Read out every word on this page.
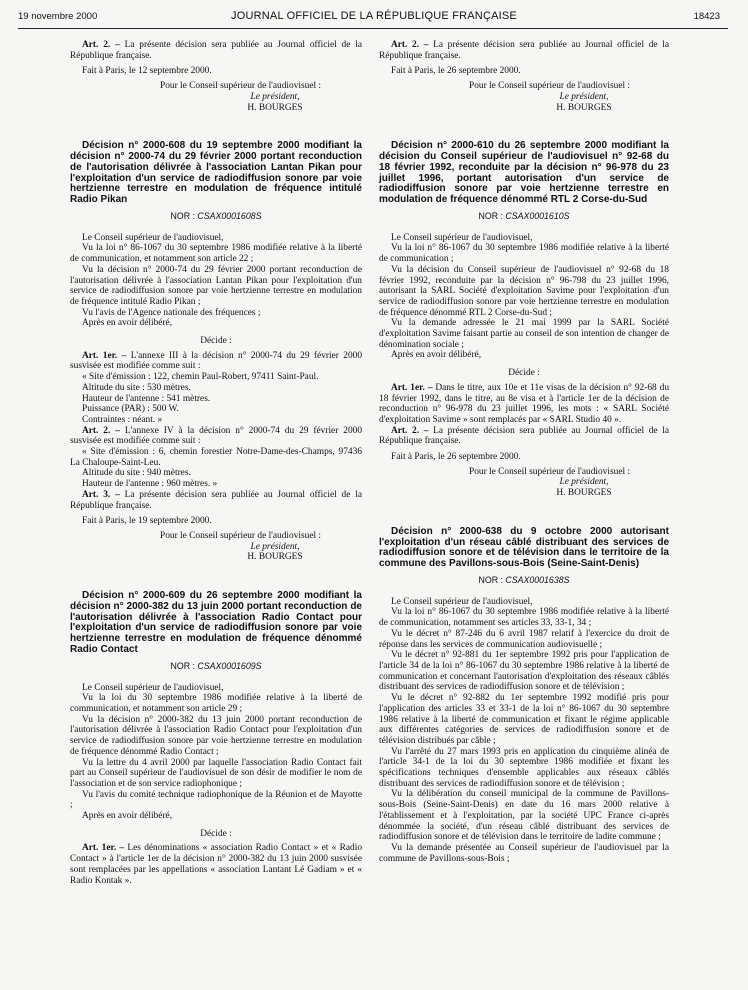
19 novembre 2000	JOURNAL OFFICIEL DE LA RÉPUBLIQUE FRANÇAISE	18423

Art. 2. – La présente décision sera publiée au Journal officiel de la République française.

Fait à Paris, le 12 septembre 2000.

Pour le Conseil supérieur de l'audiovisuel :
Le président,
H. BOURGES

Décision n° 2000-608 du 19 septembre 2000 modifiant la décision n° 2000-74 du 29 février 2000 portant reconduction de l'autorisation délivrée à l'association Lantan Pikan pour l'exploitation d'un service de radiodiffusion sonore par voie hertzienne terrestre en modulation de fréquence intitulé Radio Pikan

NOR : CSAX0001608S

Le Conseil supérieur de l'audiovisuel,

Vu la loi n° 86-1067 du 30 septembre 1986 modifiée relative à la liberté de communication, et notamment son article 22 ;

Vu la décision n° 2000-74 du 29 février 2000 portant reconduction de l'autorisation délivrée à l'association Lantan Pikan pour l'exploitation d'un service de radiodiffusion sonore par voie hertzienne terrestre en modulation de fréquence intitulé Radio Pikan ;

Vu l'avis de l'Agence nationale des fréquences ;

Après en avoir délibéré,

Décide :

Art. 1er. – L'annexe III à la décision n° 2000-74 du 29 février 2000 susvisée est modifiée comme suit :

« Site d'émission : 122, chemin Paul-Robert, 97411 Saint-Paul.

Altitude du site : 530 mètres.

Hauteur de l'antenne : 541 mètres.

Puissance (PAR) : 500 W.

Contraintes : néant. »

Art. 2. – L'annexe IV à la décision n° 2000-74 du 29 février 2000 susvisée est modifiée comme suit :

« Site d'émission : 6, chemin forestier Notre-Dame-des-Champs, 97436 La Chaloupe-Saint-Leu.

Altitude du site : 940 mètres.

Hauteur de l'antenne : 960 mètres. »

Art. 3. – La présente décision sera publiée au Journal officiel de la République française.

Fait à Paris, le 19 septembre 2000.

Pour le Conseil supérieur de l'audiovisuel :
Le président,
H. BOURGES

Décision n° 2000-609 du 26 septembre 2000 modifiant la décision n° 2000-382 du 13 juin 2000 portant reconduction de l'autorisation délivrée à l'association Radio Contact pour l'exploitation d'un service de radiodiffusion sonore par voie hertzienne terrestre en modulation de fréquence dénommé Radio Contact

NOR : CSAX0001609S

Le Conseil supérieur de l'audiovisuel,

Vu la loi du 30 septembre 1986 modifiée relative à la liberté de communication, et notamment son article 29 ;

Vu la décision n° 2000-382 du 13 juin 2000 portant reconduction de l'autorisation délivrée à l'association Radio Contact pour l'exploitation d'un service de radiodiffusion sonore par voie hertzienne terrestre en modulation de fréquence dénommé Radio Contact ;

Vu la lettre du 4 avril 2000 par laquelle l'association Radio Contact fait part au Conseil supérieur de l'audiovisuel de son désir de modifier le nom de l'association et de son service radiophonique ;

Vu l'avis du comité technique radiophonique de la Réunion et de Mayotte ;

Après en avoir délibéré,

Décide :

Art. 1er. – Les dénominations « association Radio Contact » et « Radio Contact » à l'article 1er de la décision n° 2000-382 du 13 juin 2000 susvisée sont remplacées par les appellations « association Lantant Lé Gadiam » et « Radio Kontak ».

Art. 2. – La présente décision sera publiée au Journal officiel de la République française.

Fait à Paris, le 26 septembre 2000.

Pour le Conseil supérieur de l'audiovisuel :
Le président,
H. BOURGES

Décision n° 2000-610 du 26 septembre 2000 modifiant la décision du Conseil supérieur de l'audiovisuel n° 92-68 du 18 février 1992, reconduite par la décision n° 96-978 du 23 juillet 1996, portant autorisation d'un service de radiodiffusion sonore par voie hertzienne terrestre en modulation de fréquence dénommé RTL 2 Corse-du-Sud

NOR : CSAX0001610S

Le Conseil supérieur de l'audiovisuel,

Vu la loi n° 86-1067 du 30 septembre 1986 modifiée relative à la liberté de communication ;

Vu la décision du Conseil supérieur de l'audiovisuel n° 92-68 du 18 février 1992, reconduite par la décision n° 96-798 du 23 juillet 1996, autorisant la SARL Société d'exploitation Savime pour l'exploitation d'un service de radiodiffusion sonore par voie hertzienne terrestre en modulation de fréquence dénommé RTL 2 Corse-du-Sud ;

Vu la demande adressée le 21 mai 1999 par la SARL Société d'exploitation Savime faisant partie au conseil de son intention de changer de dénomination sociale ;

Après en avoir délibéré,

Décide :

Art. 1er. – Dans le titre, aux 10e et 11e visas de la décision n° 92-68 du 18 février 1992, dans le titre, au 8e visa et à l'article 1er de la décision de reconduction n° 96-978 du 23 juillet 1996, les mots : « SARL Société d'exploitation Savime » sont remplacés par « SARL Studio 40 ».

Art. 2. – La présente décision sera publiée au Journal officiel de la République française.

Fait à Paris, le 26 septembre 2000.

Pour le Conseil supérieur de l'audiovisuel :
Le président,
H. BOURGES

Décision n° 2000-638 du 9 octobre 2000 autorisant l'exploitation d'un réseau câblé distribuant des services de radiodiffusion sonore et de télévision dans le territoire de la commune des Pavillons-sous-Bois (Seine-Saint-Denis)

NOR : CSAX0001638S

Le Conseil supérieur de l'audiovisuel,

Vu la loi n° 86-1067 du 30 septembre 1986 modifiée relative à la liberté de communication, notamment ses articles 33, 33-1, 34 ;

Vu le décret n° 87-246 du 6 avril 1987 relatif à l'exercice du droit de réponse dans les services de communication audiovisuelle ;

Vu le décret n° 92-881 du 1er septembre 1992 pris pour l'application de l'article 34 de la loi n° 86-1067 du 30 septembre 1986 relative à la liberté de communication et concernant l'autorisation d'exploitation des réseaux câblés distribuant des services de radiodiffusion sonore et de télévision ;

Vu le décret n° 92-882 du 1er septembre 1992 modifié pris pour l'application des articles 33 et 33-1 de la loi n° 86-1067 du 30 septembre 1986 relative à la liberté de communication et fixant le régime applicable aux différentes catégories de services de radiodiffusion sonore et de télévision distribués par câble ;

Vu l'arrêté du 27 mars 1993 pris en application du cinquième alinéa de l'article 34-1 de la loi du 30 septembre 1986 modifiée et fixant les spécifications techniques d'ensemble applicables aux réseaux câblés distribuant des services de radiodiffusion sonore et de télévision ;

Vu la délibération du conseil municipal de la commune de Pavillons-sous-Bois (Seine-Saint-Denis) en date du 16 mars 2000 relative à l'établissement et à l'exploitation, par la société UPC France ci-après dénommée la société, d'un réseau câblé distribuant des services de radiodiffusion sonore et de télévision dans le territoire de ladite commune ;

Vu la demande présentée au Conseil supérieur de l'audiovisuel par la commune de Pavillons-sous-Bois ;
